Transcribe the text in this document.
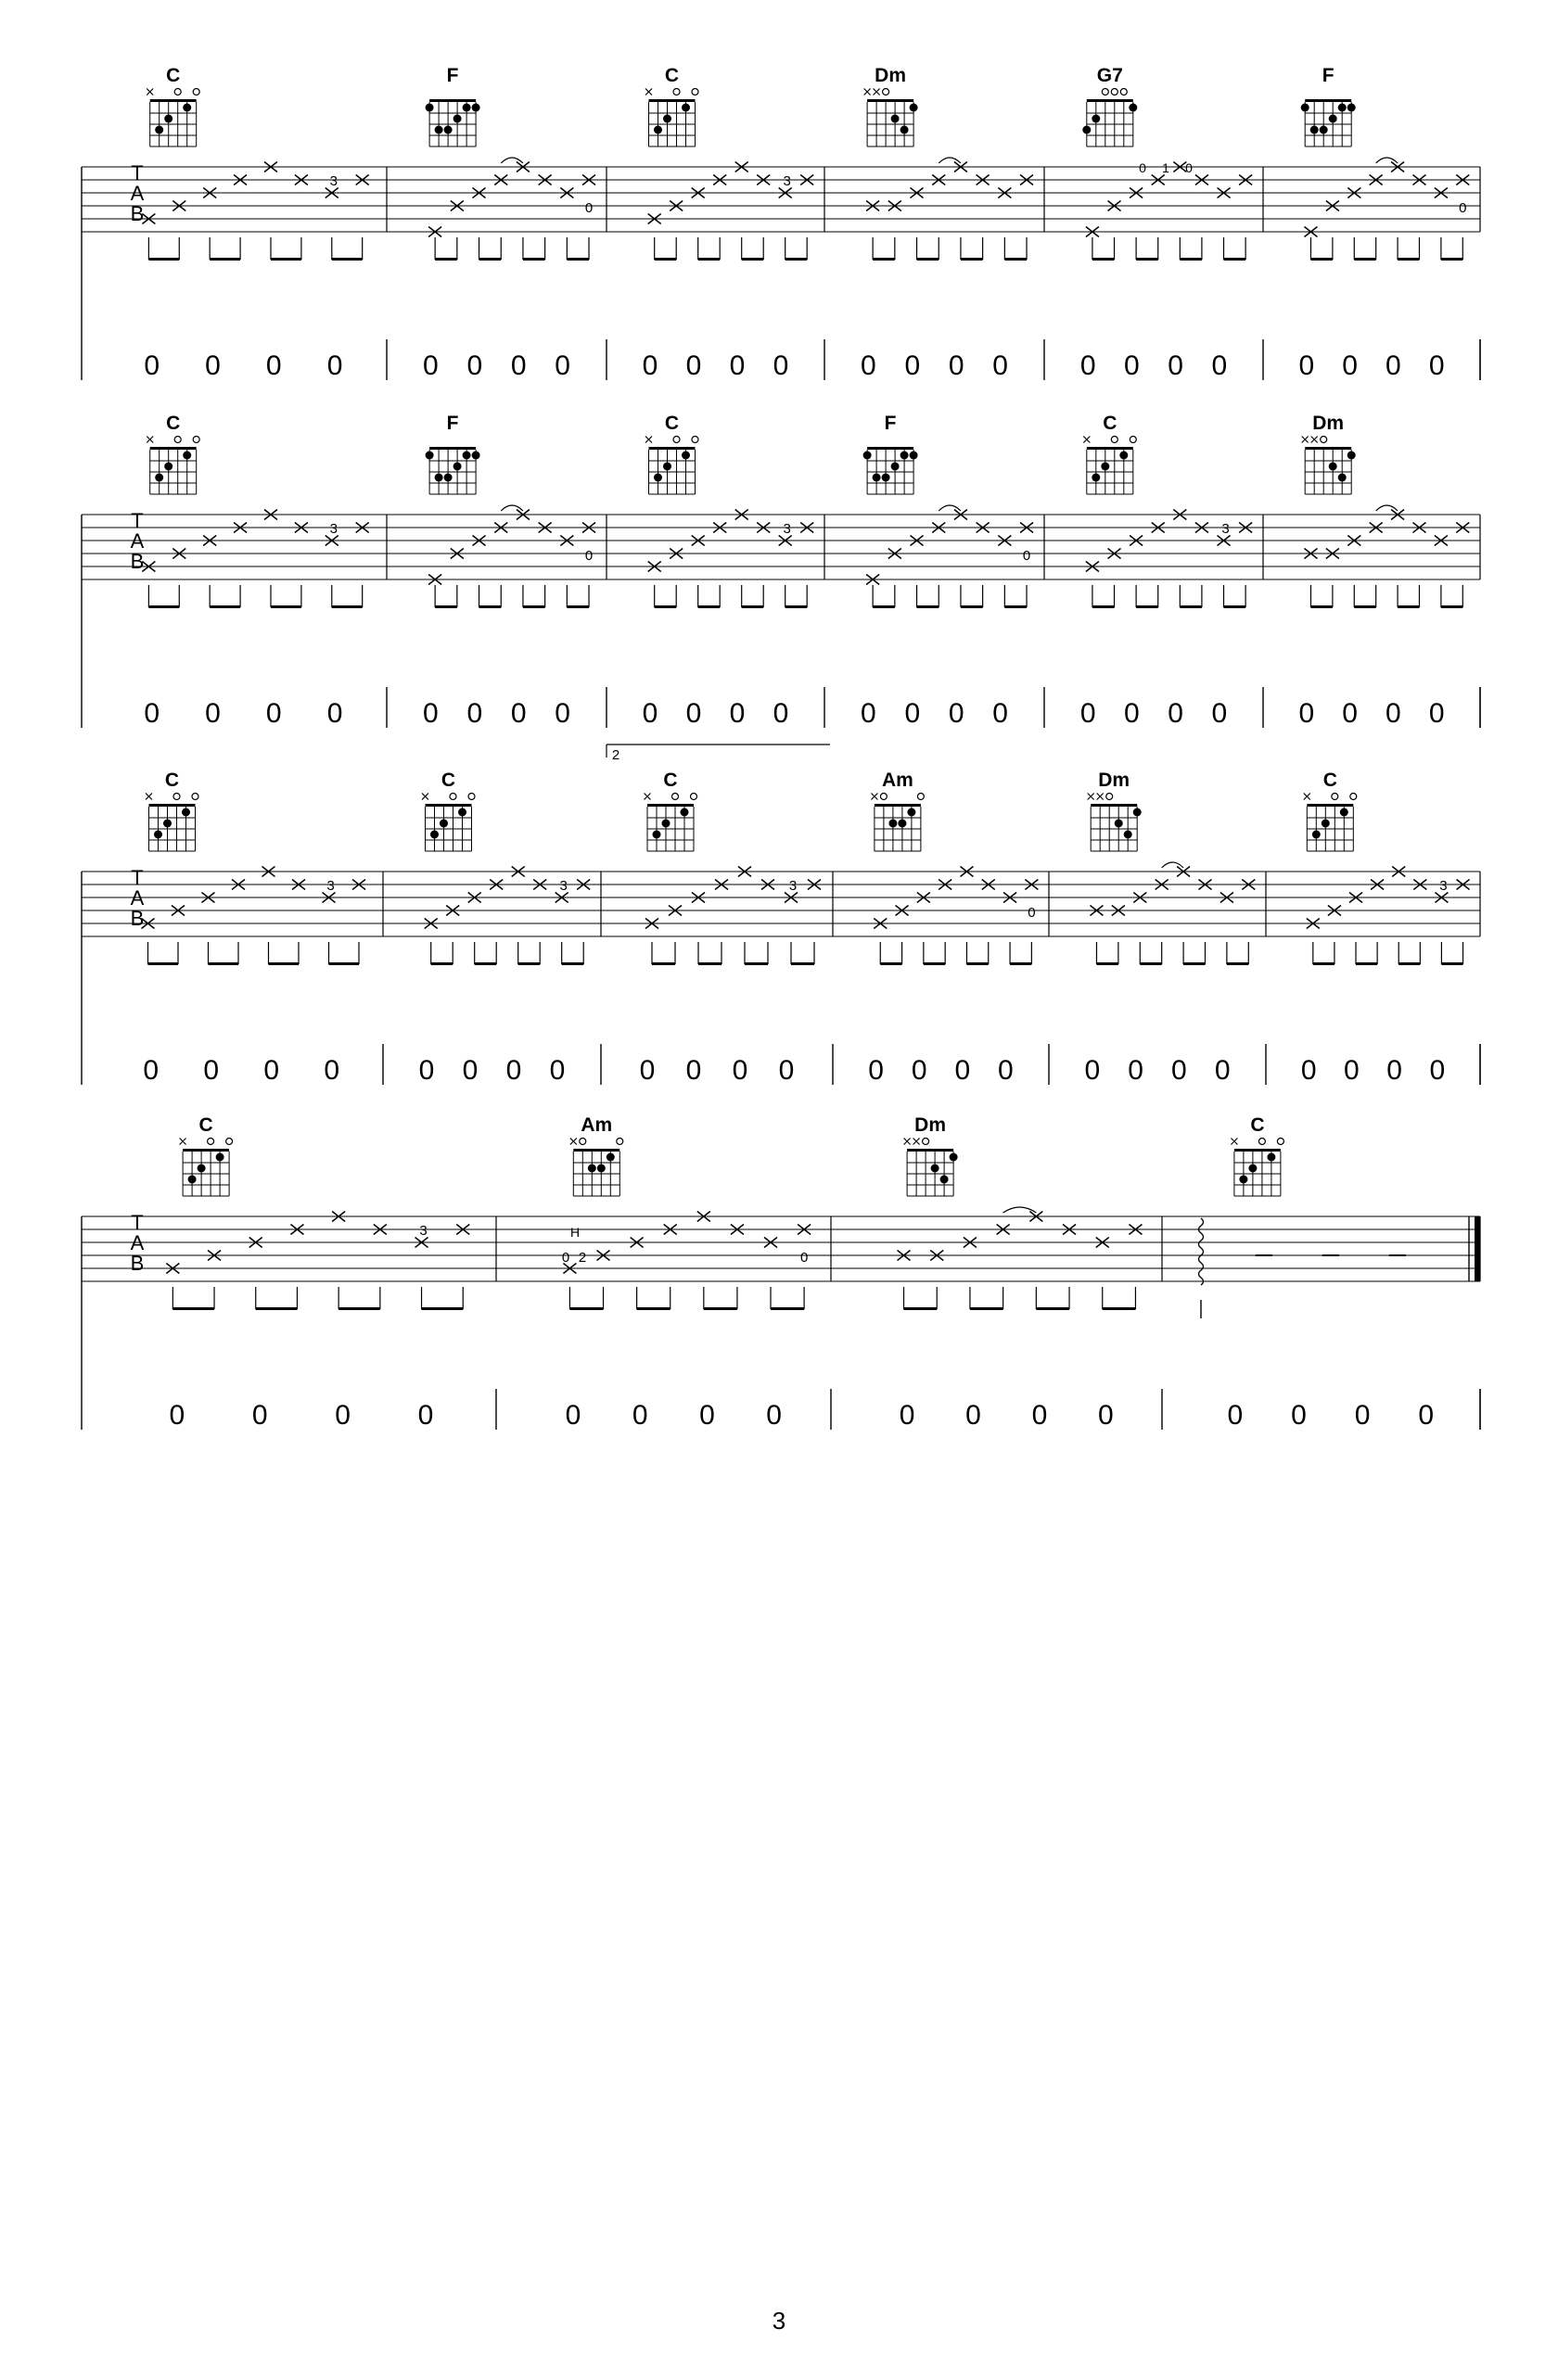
T
A
B
C
3
0 0 0 0
F
0
0 0 0 0
C
3
0 0 0 0
Dm
0 0 0 0
G7
0 0 0 0
F
0
0 0 0 0
T
A
B
C
3
0 0 0 0
F
0
0 0 0 0
C
3
0 0 0 0
F
0
0 0 0 0
C
3
0 0 0 0
Dm
0 0 0 0
T
A
B
C
3
0 0 0 0
C
3
0 0 0 0
C
3
0 0 0 0
Am
0
0 0 0 0
Dm
0 0 0 0
C
3
0 0 0 0
T
A
B
C
3
0 0 0 0
Am
0
0 0 0 0
Dm
0 0 0 0
C
0 0 0 0
0 1 0
2
H
0 2
3
